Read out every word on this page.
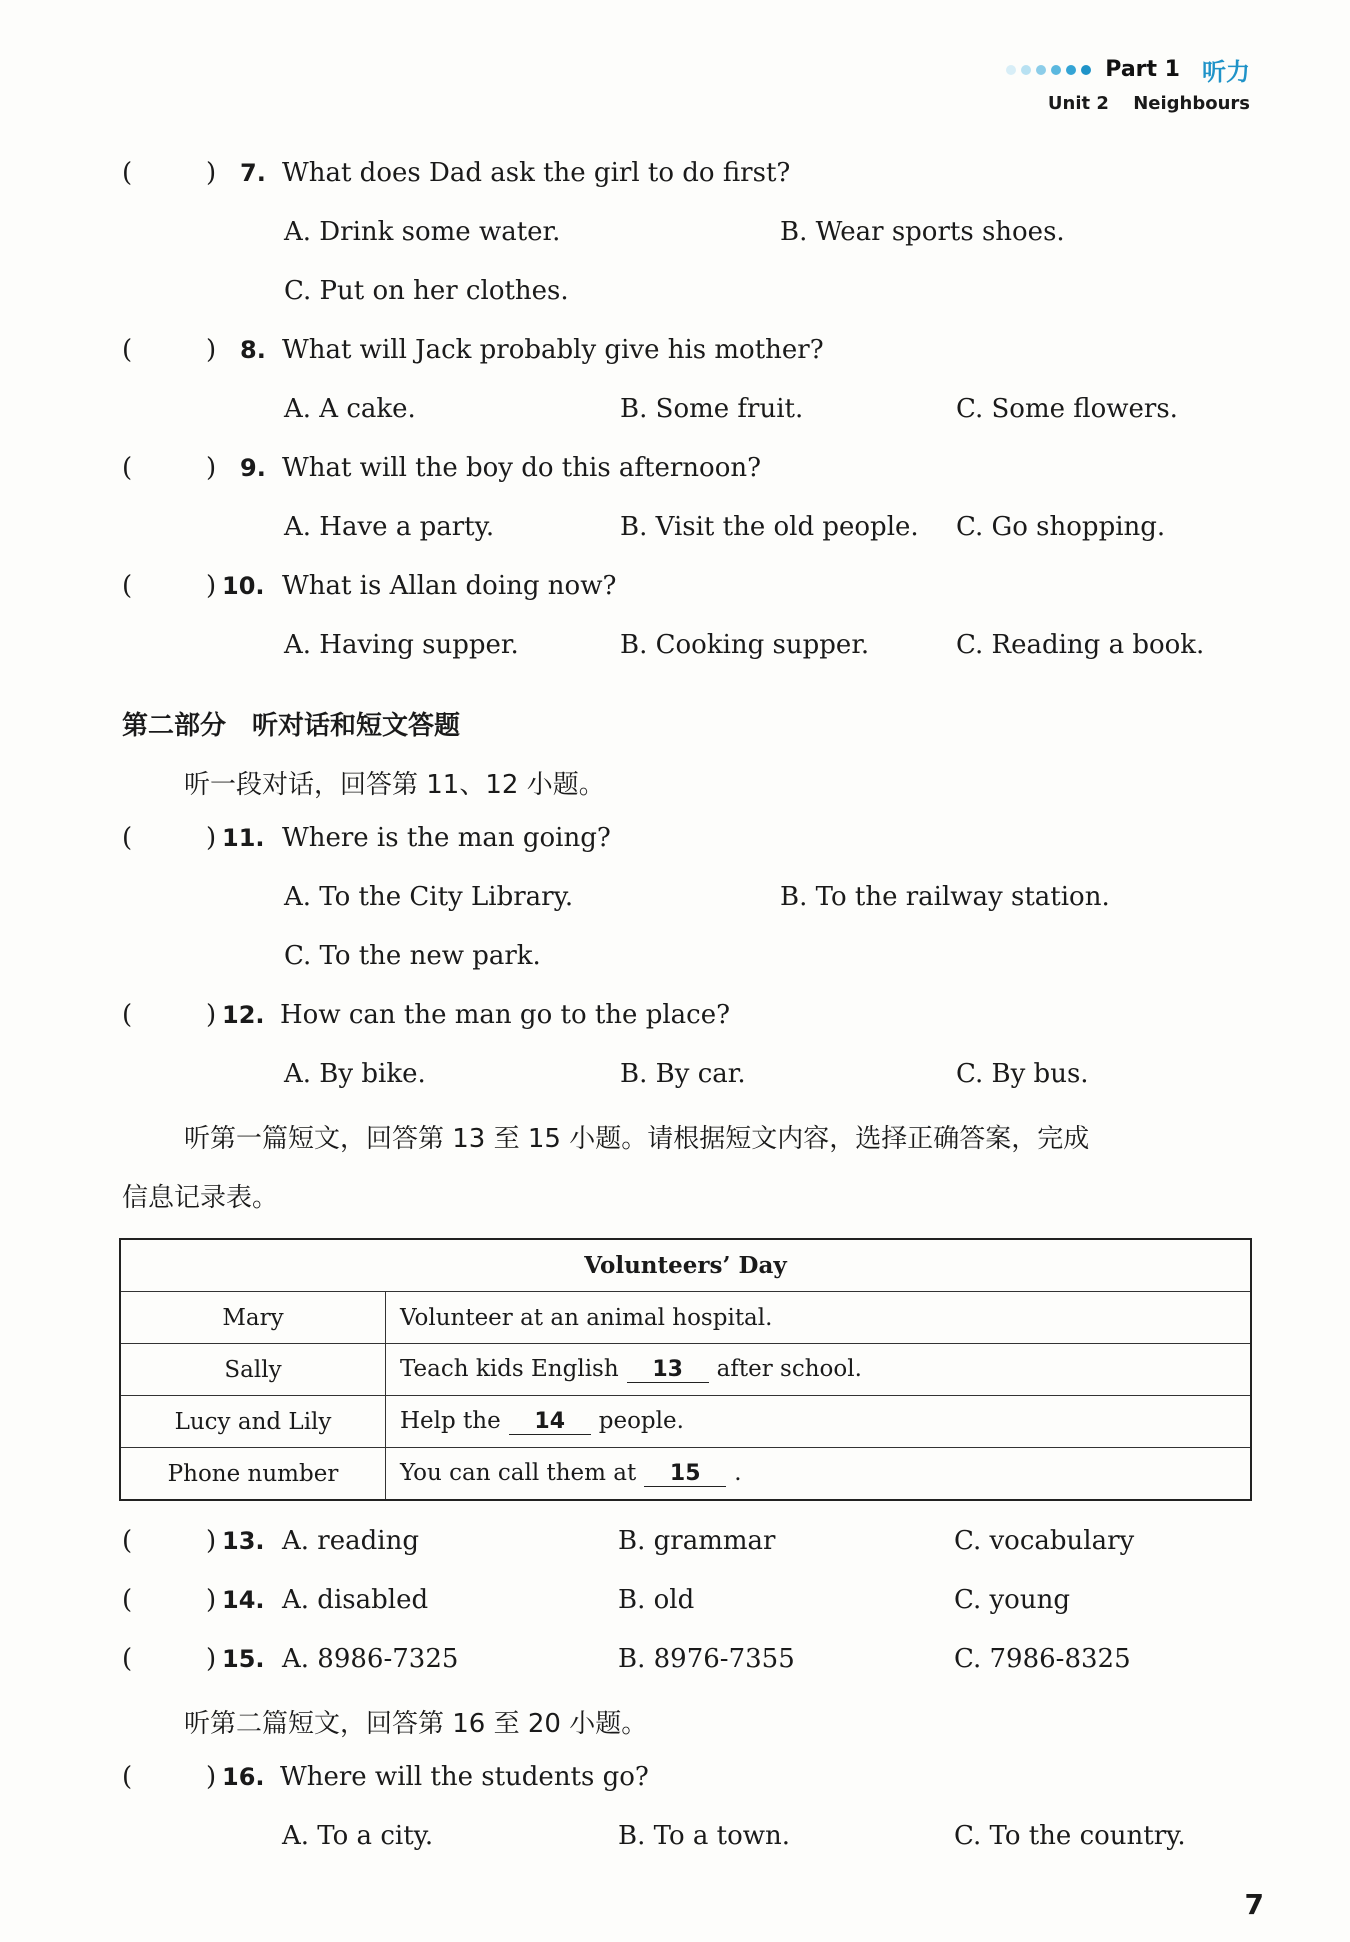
Part 1 听力
Unit 2 Neighbours
(	) 7. What does Dad ask the girl to do first?
A. Drink some water.	B. Wear sports shoes.
C. Put on her clothes.
(	) 8. What will Jack probably give his mother?
A. A cake.	B. Some fruit.	C. Some flowers.
(	) 9. What will the boy do this afternoon?
A. Have a party.	B. Visit the old people. C. Go shopping.
(	) 10. What is Allan doing now?
A. Having supper.	B. Cooking supper.	C. Reading a book.
第二部分　听对话和短文答题
听一段对话，回答第 11、12 小题。
(	) 11. Where is the man going?
A. To the City Library.	B. To the railway station.
C. To the new park.
(	) 12. How can the man go to the place?
A. By bike.	B. By car.	C. By bus.
听第一篇短文，回答第 13 至 15 小题。请根据短文内容，选择正确答案，完成
信息记录表。
Volunteers’ Day	
Mary	Volunteer at an animal hospital.
Sally	Teach kids English 13 after school.
Lucy and Lily	Help the 14 people.
Phone number	You can call them at 15 .
(	) 13. A. reading	B. grammar	C. vocabulary
(	) 14. A. disabled	B. old	C. young
(	) 15. A. 8986-7325	B. 8976-7355	C. 7986-8325
听第二篇短文，回答第 16 至 20 小题。
(	) 16. Where will the students go?
A. To a city.	B. To a town.	C. To the country.
7
